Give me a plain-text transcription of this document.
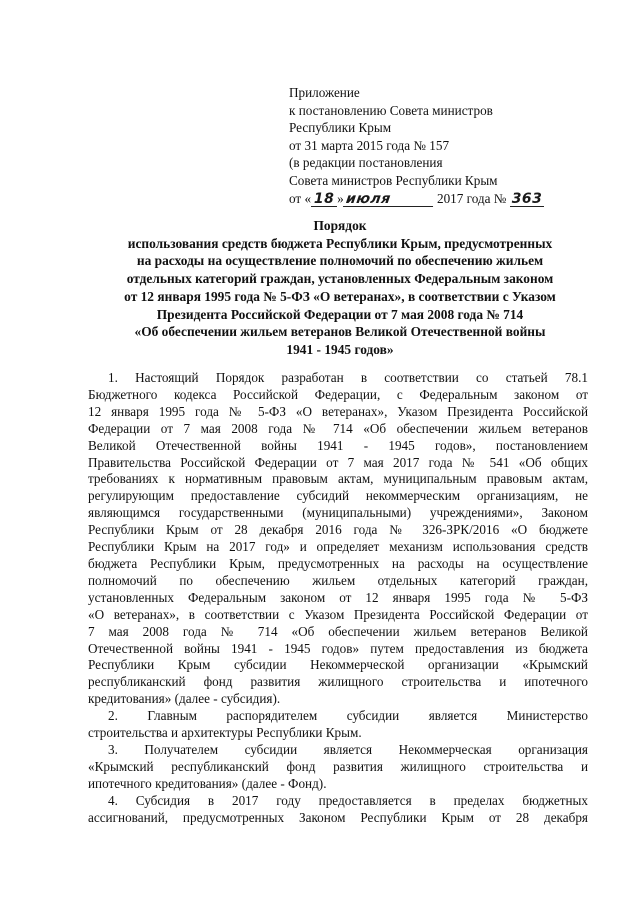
Приложение
к постановлению Совета министров
Республики Крым
от 31 марта 2015 года № 157
(в редакции постановления
Совета министров Республики Крым
от « 18 »июля	2017 года № 363
Порядок
использования средств бюджета Республики Крым, предусмотренных
на расходы на осуществление полномочий по обеспечению жильем
отдельных категорий граждан, установленных Федеральным законом
от 12 января 1995 года № 5-ФЗ «О ветеранах», в соответствии с Указом
Президента Российской Федерации от 7 мая 2008 года № 714
«Об обеспечении жильем ветеранов Великой Отечественной войны
1941 - 1945 годов»
1. Настоящий Порядок разработан в соответствии со статьей 78.1
Бюджетного кодекса Российской Федерации, с Федеральным законом от
12 января 1995 года № 5-ФЗ «О ветеранах», Указом Президента Российской
Федерации от 7 мая 2008 года № 714 «Об обеспечении жильем ветеранов
Великой Отечественной войны 1941 - 1945 годов», постановлением
Правительства Российской Федерации от 7 мая 2017 года № 541 «Об общих
требованиях к нормативным правовым актам, муниципальным правовым актам,
регулирующим предоставление субсидий некоммерческим организациям, не
являющимся государственными (муниципальными) учреждениями», Законом
Республики Крым от 28 декабря 2016 года № 326-ЗРК/2016 «О бюджете
Республики Крым на 2017 год» и определяет механизм использования средств
бюджета Республики Крым, предусмотренных на расходы на осуществление
полномочий по обеспечению жильем отдельных категорий граждан,
установленных Федеральным законом от 12 января 1995 года № 5-ФЗ
«О ветеранах», в соответствии с Указом Президента Российской Федерации от
7 мая 2008 года № 714 «Об обеспечении жильем ветеранов Великой
Отечественной войны 1941 - 1945 годов» путем предоставления из бюджета
Республики Крым субсидии Некоммерческой организации «Крымский
республиканский фонд развития жилищного строительства и ипотечного
кредитования» (далее - субсидия).
2. Главным распорядителем субсидии является Министерство
строительства и архитектуры Республики Крым.
3. Получателем субсидии является Некоммерческая организация
«Крымский республиканский фонд развития жилищного строительства и
ипотечного кредитования» (далее - Фонд).
4. Субсидия в 2017 году предоставляется в пределах бюджетных
ассигнований, предусмотренных Законом Республики Крым от 28 декабря
